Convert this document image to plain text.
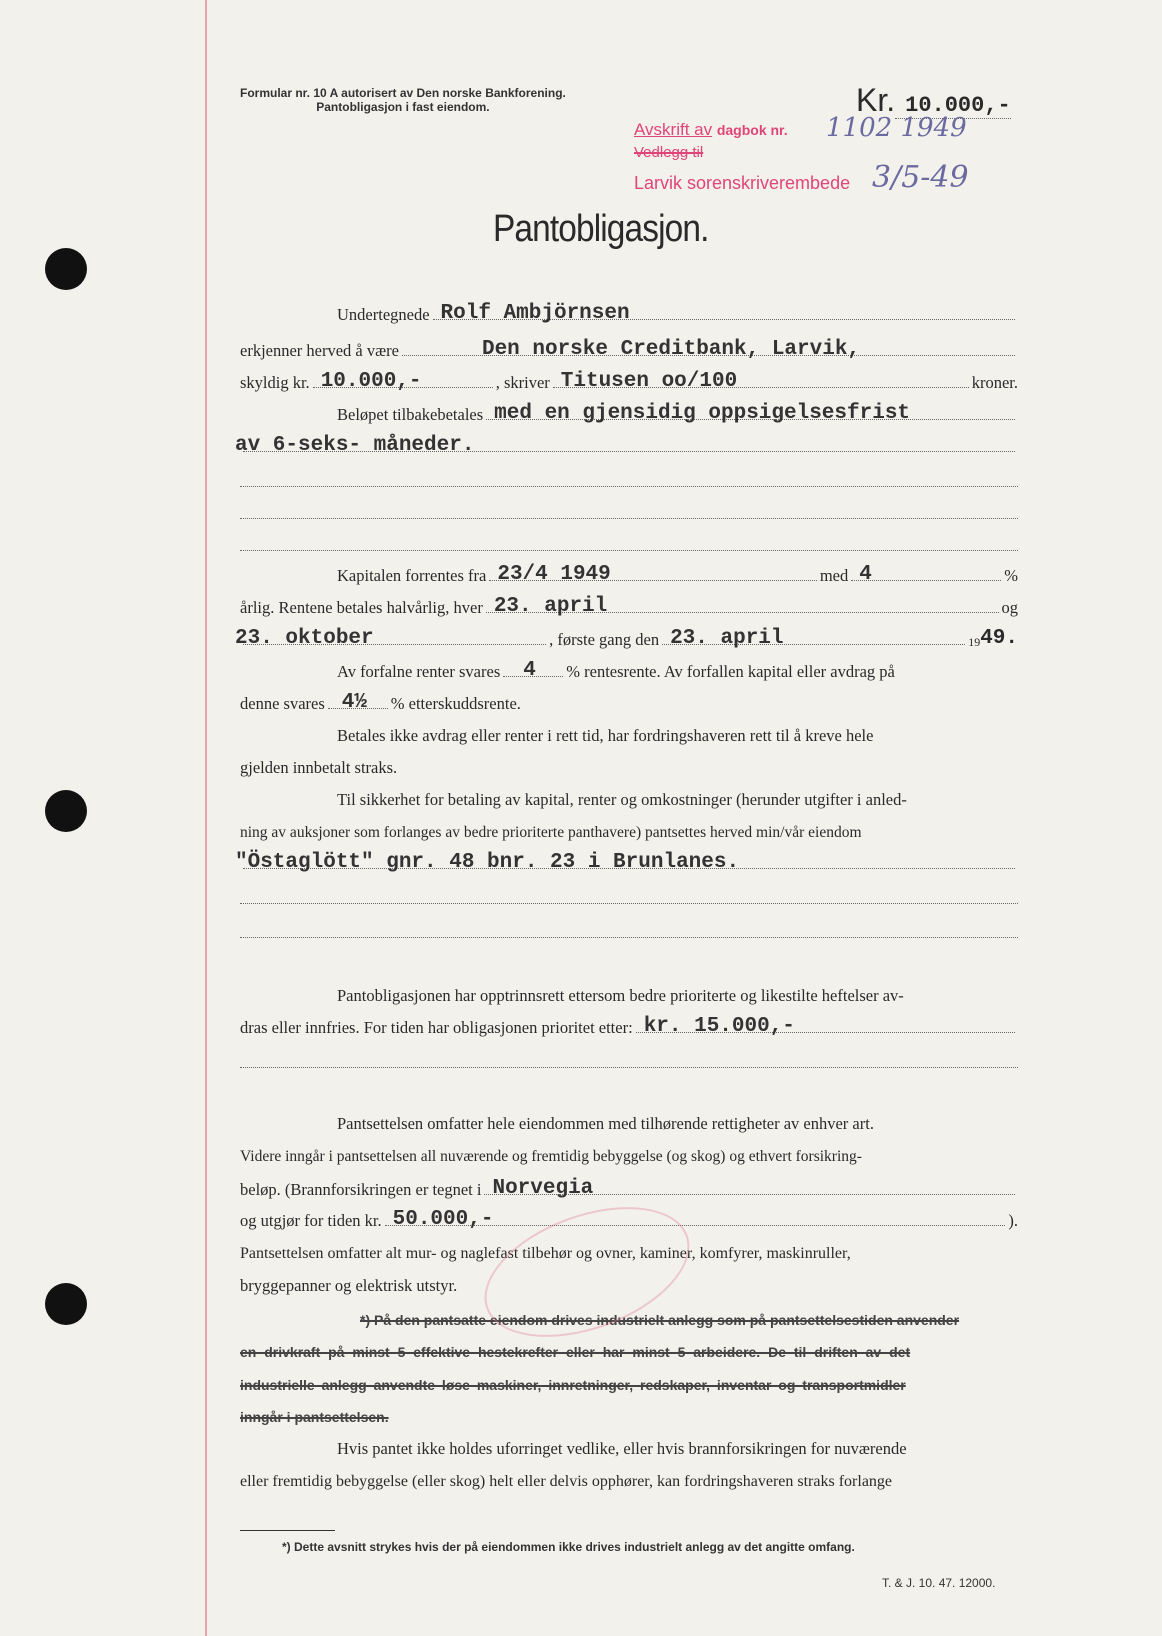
Formular nr. 10 A autorisert av Den norske Bankforening.
Pantobligasjon i fast eiendom.	Kr. 10.000,-
Avskrift av dagbok nr. 1102 1949
Vedlegg til
Larvik sorenskriverembede 3/5-49
Pantobligasjon.
Undertegnede Rolf Ambjörnsen
erkjenner herved å være	Den norske Creditbank, Larvik,
skyldig kr. 10.000,-	, skriver Titusen oo/100	kroner.
Beløpet tilbakebetales med en gjensidig oppsigelsesfrist
av 6-seks- måneder.
Kapitalen forrentes fra 23/4 1949	med 4	%
årlig. Rentene betales halvårlig, hver 23. april	og
23. oktober	, første gang den 23. april	19 49.
Av forfalne renter svares 4 % rentesrente. Av forfallen kapital eller avdrag på
denne svares 4½ % etterskuddsrente.
Betales ikke avdrag eller renter i rett tid, har fordringshaveren rett til å kreve hele
gjelden innbetalt straks.
Til sikkerhet for betaling av kapital, renter og omkostninger (herunder utgifter i anled-
ning av auksjoner som forlanges av bedre prioriterte panthavere) pantsettes herved min/vår eiendom
"Östaglött" gnr. 48 bnr. 23 i Brunlanes.
Pantobligasjonen har opptrinnsrett ettersom bedre prioriterte og likestilte heftelser av-
dras eller innfries. For tiden har obligasjonen prioritet etter: kr. 15.000,-
Pantsettelsen omfatter hele eiendommen med tilhørende rettigheter av enhver art.
Videre inngår i pantsettelsen all nuværende og fremtidig bebyggelse (og skog) og ethvert forsikring-
beløp. (Brannforsikringen er tegnet i Norvegia
og utgjør for tiden kr. 50.000,-	).
Pantsettelsen omfatter alt mur- og naglefast tilbehør og ovner, kaminer, komfyrer, maskinruller,
bryggepanner og elektrisk utstyr.
*) På den pantsatte eiendom drives industrielt anlegg som på pantsettelsestiden anvender
en drivkraft på minst 5 effektive hestekrefter eller har minst 5 arbeidere. De til driften av det
industrielle anlegg anvendte løse maskiner, innretninger, redskaper, inventar og transportmidler
inngår i pantsettelsen.
Hvis pantet ikke holdes uforringet vedlike, eller hvis brannforsikringen for nuværende
eller fremtidig bebyggelse (eller skog) helt eller delvis opphører, kan fordringshaveren straks forlange
*) Dette avsnitt strykes hvis der på eiendommen ikke drives industrielt anlegg av det angitte omfang.
T. & J. 10. 47. 12000.
